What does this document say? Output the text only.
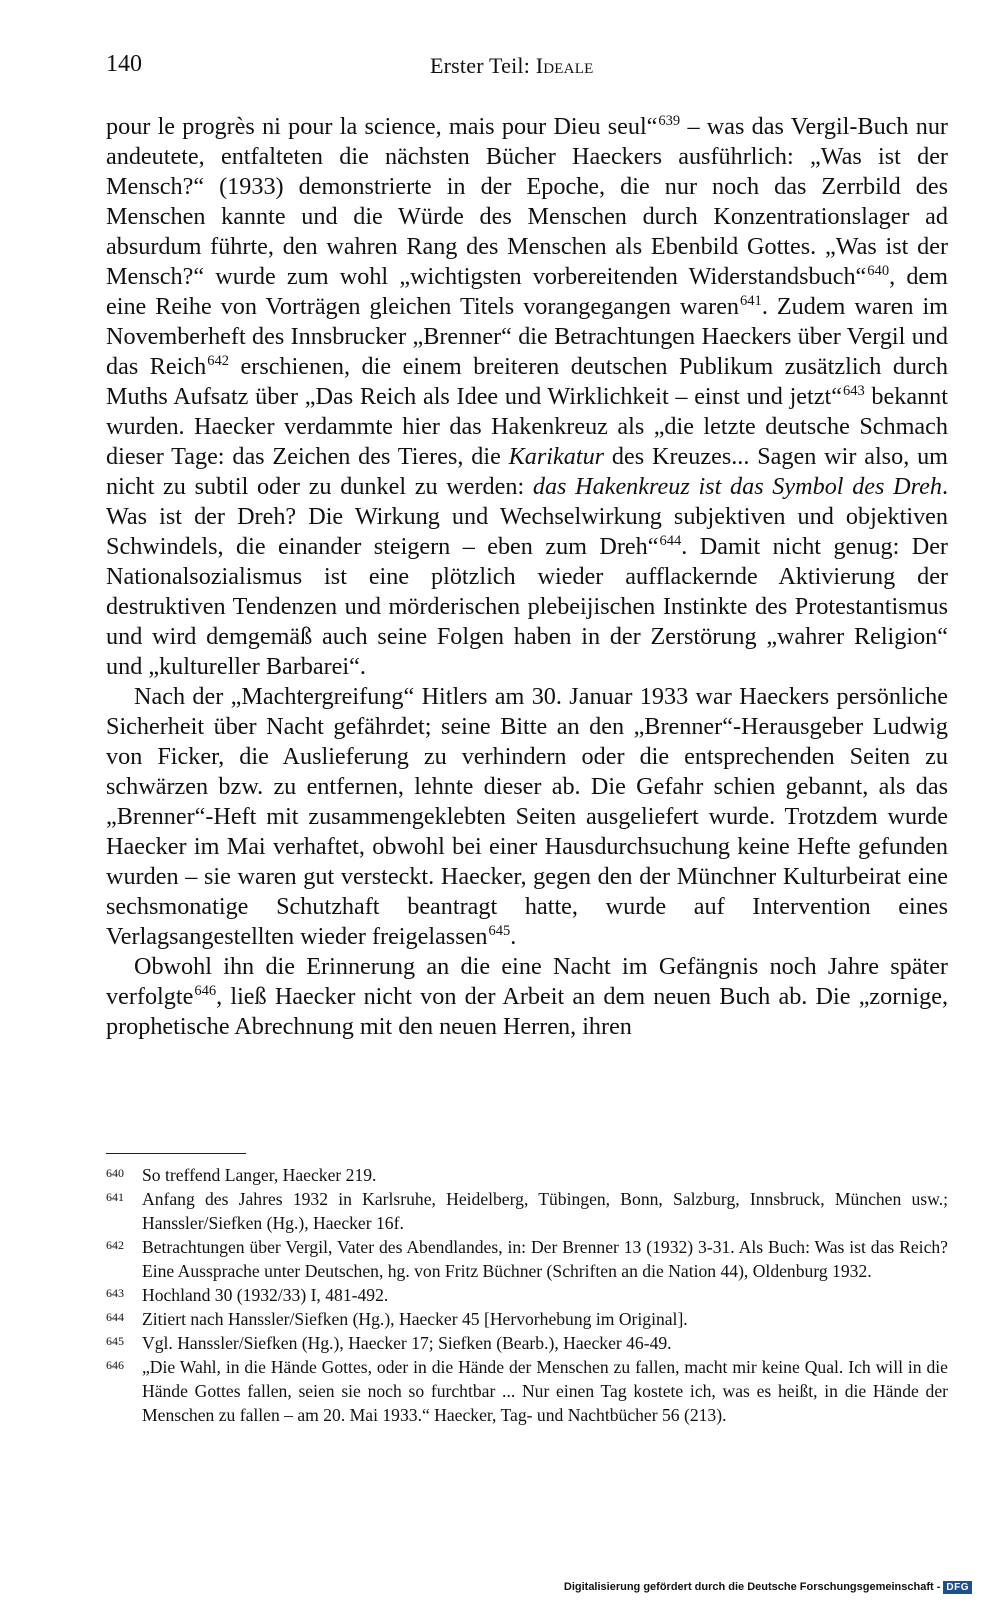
140	Erster Teil: Ideale

pour le progrès ni pour la science, mais pour Dieu seul“$^{639}$ – was das Vergil-Buch nur andeutete, entfalteten die nächsten Bücher Haeckers ausführlich: „Was ist der Mensch?“ (1933) demonstrierte in der Epoche, die nur noch das Zerrbild des Menschen kannte und die Würde des Menschen durch Konzentrationslager ad absurdum führte, den wahren Rang des Menschen als Ebenbild Gottes. „Was ist der Mensch?“ wurde zum wohl „wichtigsten vorbereitenden Widerstandsbuch“$^{640}$, dem eine Reihe von Vorträgen gleichen Titels vorangegangen waren$^{641}$. Zudem waren im Novemberheft des Innsbrucker „Brenner“ die Betrachtungen Haeckers über Vergil und das Reich$^{642}$ erschienen, die einem breiteren deutschen Publikum zusätzlich durch Muths Aufsatz über „Das Reich als Idee und Wirklichkeit – einst und jetzt“$^{643}$ bekannt wurden. Haecker verdammte hier das Hakenkreuz als „die letzte deutsche Schmach dieser Tage: das Zeichen des Tieres, die Karikatur des Kreuzes... Sagen wir also, um nicht zu subtil oder zu dunkel zu werden: das Hakenkreuz ist das Symbol des Dreh. Was ist der Dreh? Die Wirkung und Wechselwirkung subjektiven und objektiven Schwindels, die einander steigern – eben zum Dreh“$^{644}$. Damit nicht genug: Der Nationalsozialismus ist eine plötzlich wieder aufflackernde Aktivierung der destruktiven Tendenzen und mörderischen plebeijischen Instinkte des Protestantismus und wird demgemäß auch seine Folgen haben in der Zerstörung „wahrer Religion“ und „kultureller Barbarei“.

Nach der „Machtergreifung“ Hitlers am 30. Januar 1933 war Haeckers persönliche Sicherheit über Nacht gefährdet; seine Bitte an den „Brenner“-Herausgeber Ludwig von Ficker, die Auslieferung zu verhindern oder die entsprechenden Seiten zu schwärzen bzw. zu entfernen, lehnte dieser ab. Die Gefahr schien gebannt, als das „Brenner“-Heft mit zusammengeklebten Seiten ausgeliefert wurde. Trotzdem wurde Haecker im Mai verhaftet, obwohl bei einer Hausdurchsuchung keine Hefte gefunden wurden – sie waren gut versteckt. Haecker, gegen den der Münchner Kulturbeirat eine sechsmonatige Schutzhaft beantragt hatte, wurde auf Intervention eines Verlagsangestellten wieder freigelassen$^{645}$.

Obwohl ihn die Erinnerung an die eine Nacht im Gefängnis noch Jahre später verfolgte$^{646}$, ließ Haecker nicht von der Arbeit an dem neuen Buch ab. Die „zornige, prophetische Abrechnung mit den neuen Herren, ihren

640	So treffend Langer, Haecker 219.
641	Anfang des Jahres 1932 in Karlsruhe, Heidelberg, Tübingen, Bonn, Salzburg, Innsbruck, München usw.; Hanssler/Siefken (Hg.), Haecker 16f.
642	Betrachtungen über Vergil, Vater des Abendlandes, in: Der Brenner 13 (1932) 3-31. Als Buch: Was ist das Reich? Eine Aussprache unter Deutschen, hg. von Fritz Büchner (Schriften an die Nation 44), Oldenburg 1932.
643	Hochland 30 (1932/33) I, 481-492.
644	Zitiert nach Hanssler/Siefken (Hg.), Haecker 45 [Hervorhebung im Original].
645	Vgl. Hanssler/Siefken (Hg.), Haecker 17; Siefken (Bearb.), Haecker 46-49.
646	„Die Wahl, in die Hände Gottes, oder in die Hände der Menschen zu fallen, macht mir keine Qual. Ich will in die Hände Gottes fallen, seien sie noch so furchtbar ... Nur einen Tag kostete ich, was es heißt, in die Hände der Menschen zu fallen – am 20. Mai 1933.“ Haecker, Tag- und Nachtbücher 56 (213).
Digitalisierung gefördert durch die Deutsche Forschungsgemeinschaft - DFG
